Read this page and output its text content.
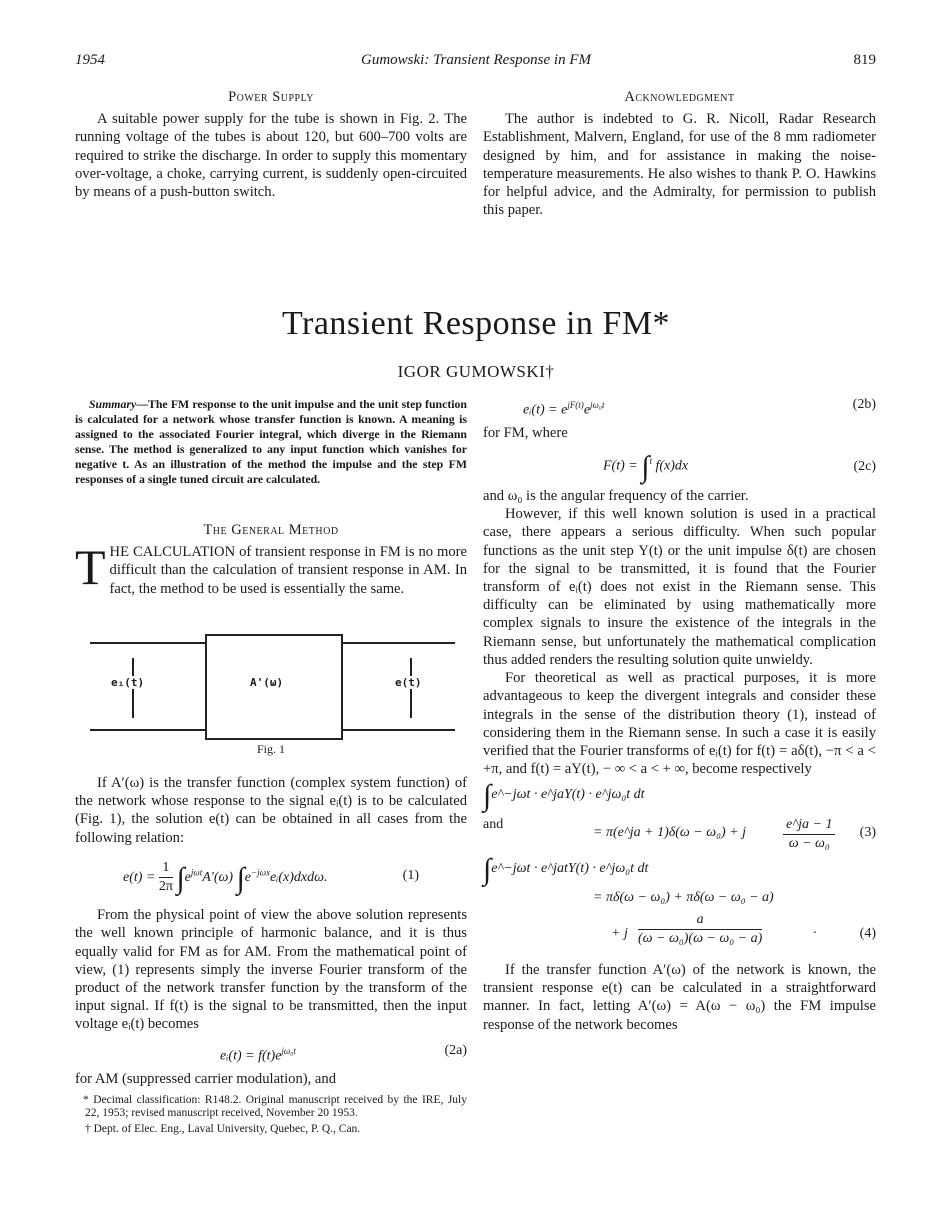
1954	Gumowski: Transient Response in FM	819
Power Supply

A suitable power supply for the tube is shown in Fig. 2. The running voltage of the tubes is about 120, but 600–700 volts are required to strike the discharge. In order to supply this momentary over-voltage, a choke, carrying current, is suddenly open-circuited by means of a push-button switch.

Acknowledgment

The author is indebted to G. R. Nicoll, Radar Research Establishment, Malvern, England, for use of the 8 mm radiometer designed by him, and for assistance in making the noise-temperature measurements. He also wishes to thank P. O. Hawkins for helpful advice, and the Admiralty, for permission to publish this paper.

Transient Response in FM*
IGOR GUMOWSKI†
Summary—The FM response to the unit impulse and the unit step function is calculated for a network whose transfer function is known. A meaning is assigned to the associated Fourier integral, which diverge in the Riemann sense. The method is generalized to any input function which vanishes for negative t. As an illustration of the method the impulse and the step FM responses of a single tuned circuit are calculated.
The General Method

THE CALCULATION of transient response in FM is no more difficult than the calculation of transient response in AM. In fact, the method to be used is essentially the same.

e₁(t)	A'(ω)	e(t)
Fig. 1

If A′(ω) is the transfer function (complex system function) of the network whose response to the signal eᵢ(t) is to be calculated (Fig. 1), the solution e(t) can be obtained in all cases from the following relation:

$e(t) = \frac{1}{2\pi} \int e^{j\omega t}A'(\omega)$ $\int e^{-j\omega x}eᵢ(x)dxd\omega$.	(1)

From the physical point of view the above solution represents the well known principle of harmonic balance, and it is thus equally valid for FM as for AM. From the mathematical point of view, (1) represents simply the inverse Fourier transform of the product of the network transfer function by the transform of the input signal. If f(t) is the signal to be transmitted, then the input voltage eᵢ(t) becomes

eᵢ(t) = $f(t)e^{j\omega_0t}$	(2a)

for AM (suppressed carrier modulation), and

* Decimal classification: R148.2. Original manuscript received by the IRE, July 22, 1953; revised manuscript received, November 20 1953.
† Dept. of Elec. Eng., Laval University, Quebec, P. Q., Can.
eᵢ(t) = $e^{jF(t)}e^{j\omega_0t}$	(2b)

for FM, where

F(t) = ∫$^t$ f(x)dx	(2c)

and ω₀ is the angular frequency of the carrier.

However, if this well known solution is used in a practical case, there appears a serious difficulty. When such popular functions as the unit step Y(t) or the unit impulse δ(t) are chosen for the signal to be transmitted, it is found that the Fourier transform of eᵢ(t) does not exist in the Riemann sense. This difficulty can be eliminated by using mathematically more complex signals to insure the existence of the integrals in the Riemann sense, but unfortunately the mathematical complication thus added renders the resulting solution quite unwieldy.

For theoretical as well as practical purposes, it is more advantageous to keep the divergent integrals and consider these integrals in the sense of the distribution theory (1), instead of considering them in the Riemann sense. In such a case it is easily verified that the Fourier transforms of eᵢ(t) for f(t) = aδ(t), −π < a < +π, and f(t) = aY(t), − ∞ < a < + ∞, become respectively

∫e^−jωt · e^jaY(t) · e^jω₀t dt
and
= π(e^ja + 1)δ(ω − ω₀) + j	$\frac{e\^{}ja - 1}{\text{ω − ω₀}} (3)$
∫e^−jωt · e^jatY(t) · e^jω₀t dt
= πδ(ω − ω₀) + πδ(ω − ω₀ − a)
+ j $\frac{a}{\text{(ω − ω₀)(ω − ω₀ − a)}}$	·	(4)

If the transfer function A′(ω) of the network is known, the transient response e(t) can be calculated in a straightforward manner. In fact, letting A′(ω) = A(ω − ω₀) the FM impulse response of the network becomes
